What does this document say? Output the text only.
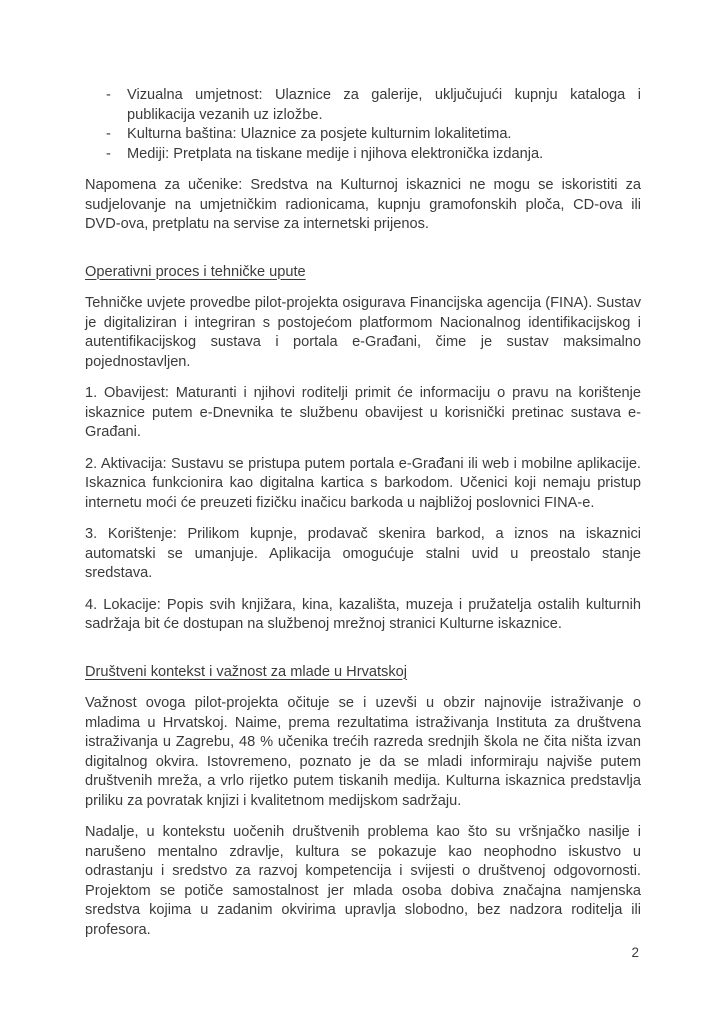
- Vizualna umjetnost: Ulaznice za galerije, uključujući kupnju kataloga i publikacija vezanih uz izložbe.
- Kulturna baština: Ulaznice za posjete kulturnim lokalitetima.
- Mediji: Pretplata na tiskane medije i njihova elektronička izdanja.

Napomena za učenike: Sredstva na Kulturnoj iskaznici ne mogu se iskoristiti za sudjelovanje na umjetničkim radionicama, kupnju gramofonskih ploča, CD-ova ili DVD-ova, pretplatu na servise za internetski prijenos.

Operativni proces i tehničke upute

Tehničke uvjete provedbe pilot-projekta osigurava Financijska agencija (FINA). Sustav je digitaliziran i integriran s postojećom platformom Nacionalnog identifikacijskog i autentifikacijskog sustava i portala e-Građani, čime je sustav maksimalno pojednostavljen.

1. Obavijest: Maturanti i njihovi roditelji primit će informaciju o pravu na korištenje iskaznice putem e-Dnevnika te službenu obavijest u korisnički pretinac sustava e-Građani.

2. Aktivacija: Sustavu se pristupa putem portala e-Građani ili web i mobilne aplikacije. Iskaznica funkcionira kao digitalna kartica s barkodom. Učenici koji nemaju pristup internetu moći će preuzeti fizičku inačicu barkoda u najbližoj poslovnici FINA-e.

3. Korištenje: Prilikom kupnje, prodavač skenira barkod, a iznos na iskaznici automatski se umanjuje. Aplikacija omogućuje stalni uvid u preostalo stanje sredstava.

4. Lokacije: Popis svih knjižara, kina, kazališta, muzeja i pružatelja ostalih kulturnih sadržaja bit će dostupan na službenoj mrežnoj stranici Kulturne iskaznice.

Društveni kontekst i važnost za mlade u Hrvatskoj

Važnost ovoga pilot-projekta očituje se i uzevši u obzir najnovije istraživanje o mladima u Hrvatskoj. Naime, prema rezultatima istraživanja Instituta za društvena istraživanja u Zagrebu, 48 % učenika trećih razreda srednjih škola ne čita ništa izvan digitalnog okvira. Istovremeno, poznato je da se mladi informiraju najviše putem društvenih mreža, a vrlo rijetko putem tiskanih medija. Kulturna iskaznica predstavlja priliku za povratak knjizi i kvalitetnom medijskom sadržaju.

Nadalje, u kontekstu uočenih društvenih problema kao što su vršnjačko nasilje i narušeno mentalno zdravlje, kultura se pokazuje kao neophodno iskustvo u odrastanju i sredstvo za razvoj kompetencija i svijesti o društvenoj odgovornosti. Projektom se potiče samostalnost jer mlada osoba dobiva značajna namjenska sredstva kojima u zadanim okvirima upravlja slobodno, bez nadzora roditelja ili profesora.

2
